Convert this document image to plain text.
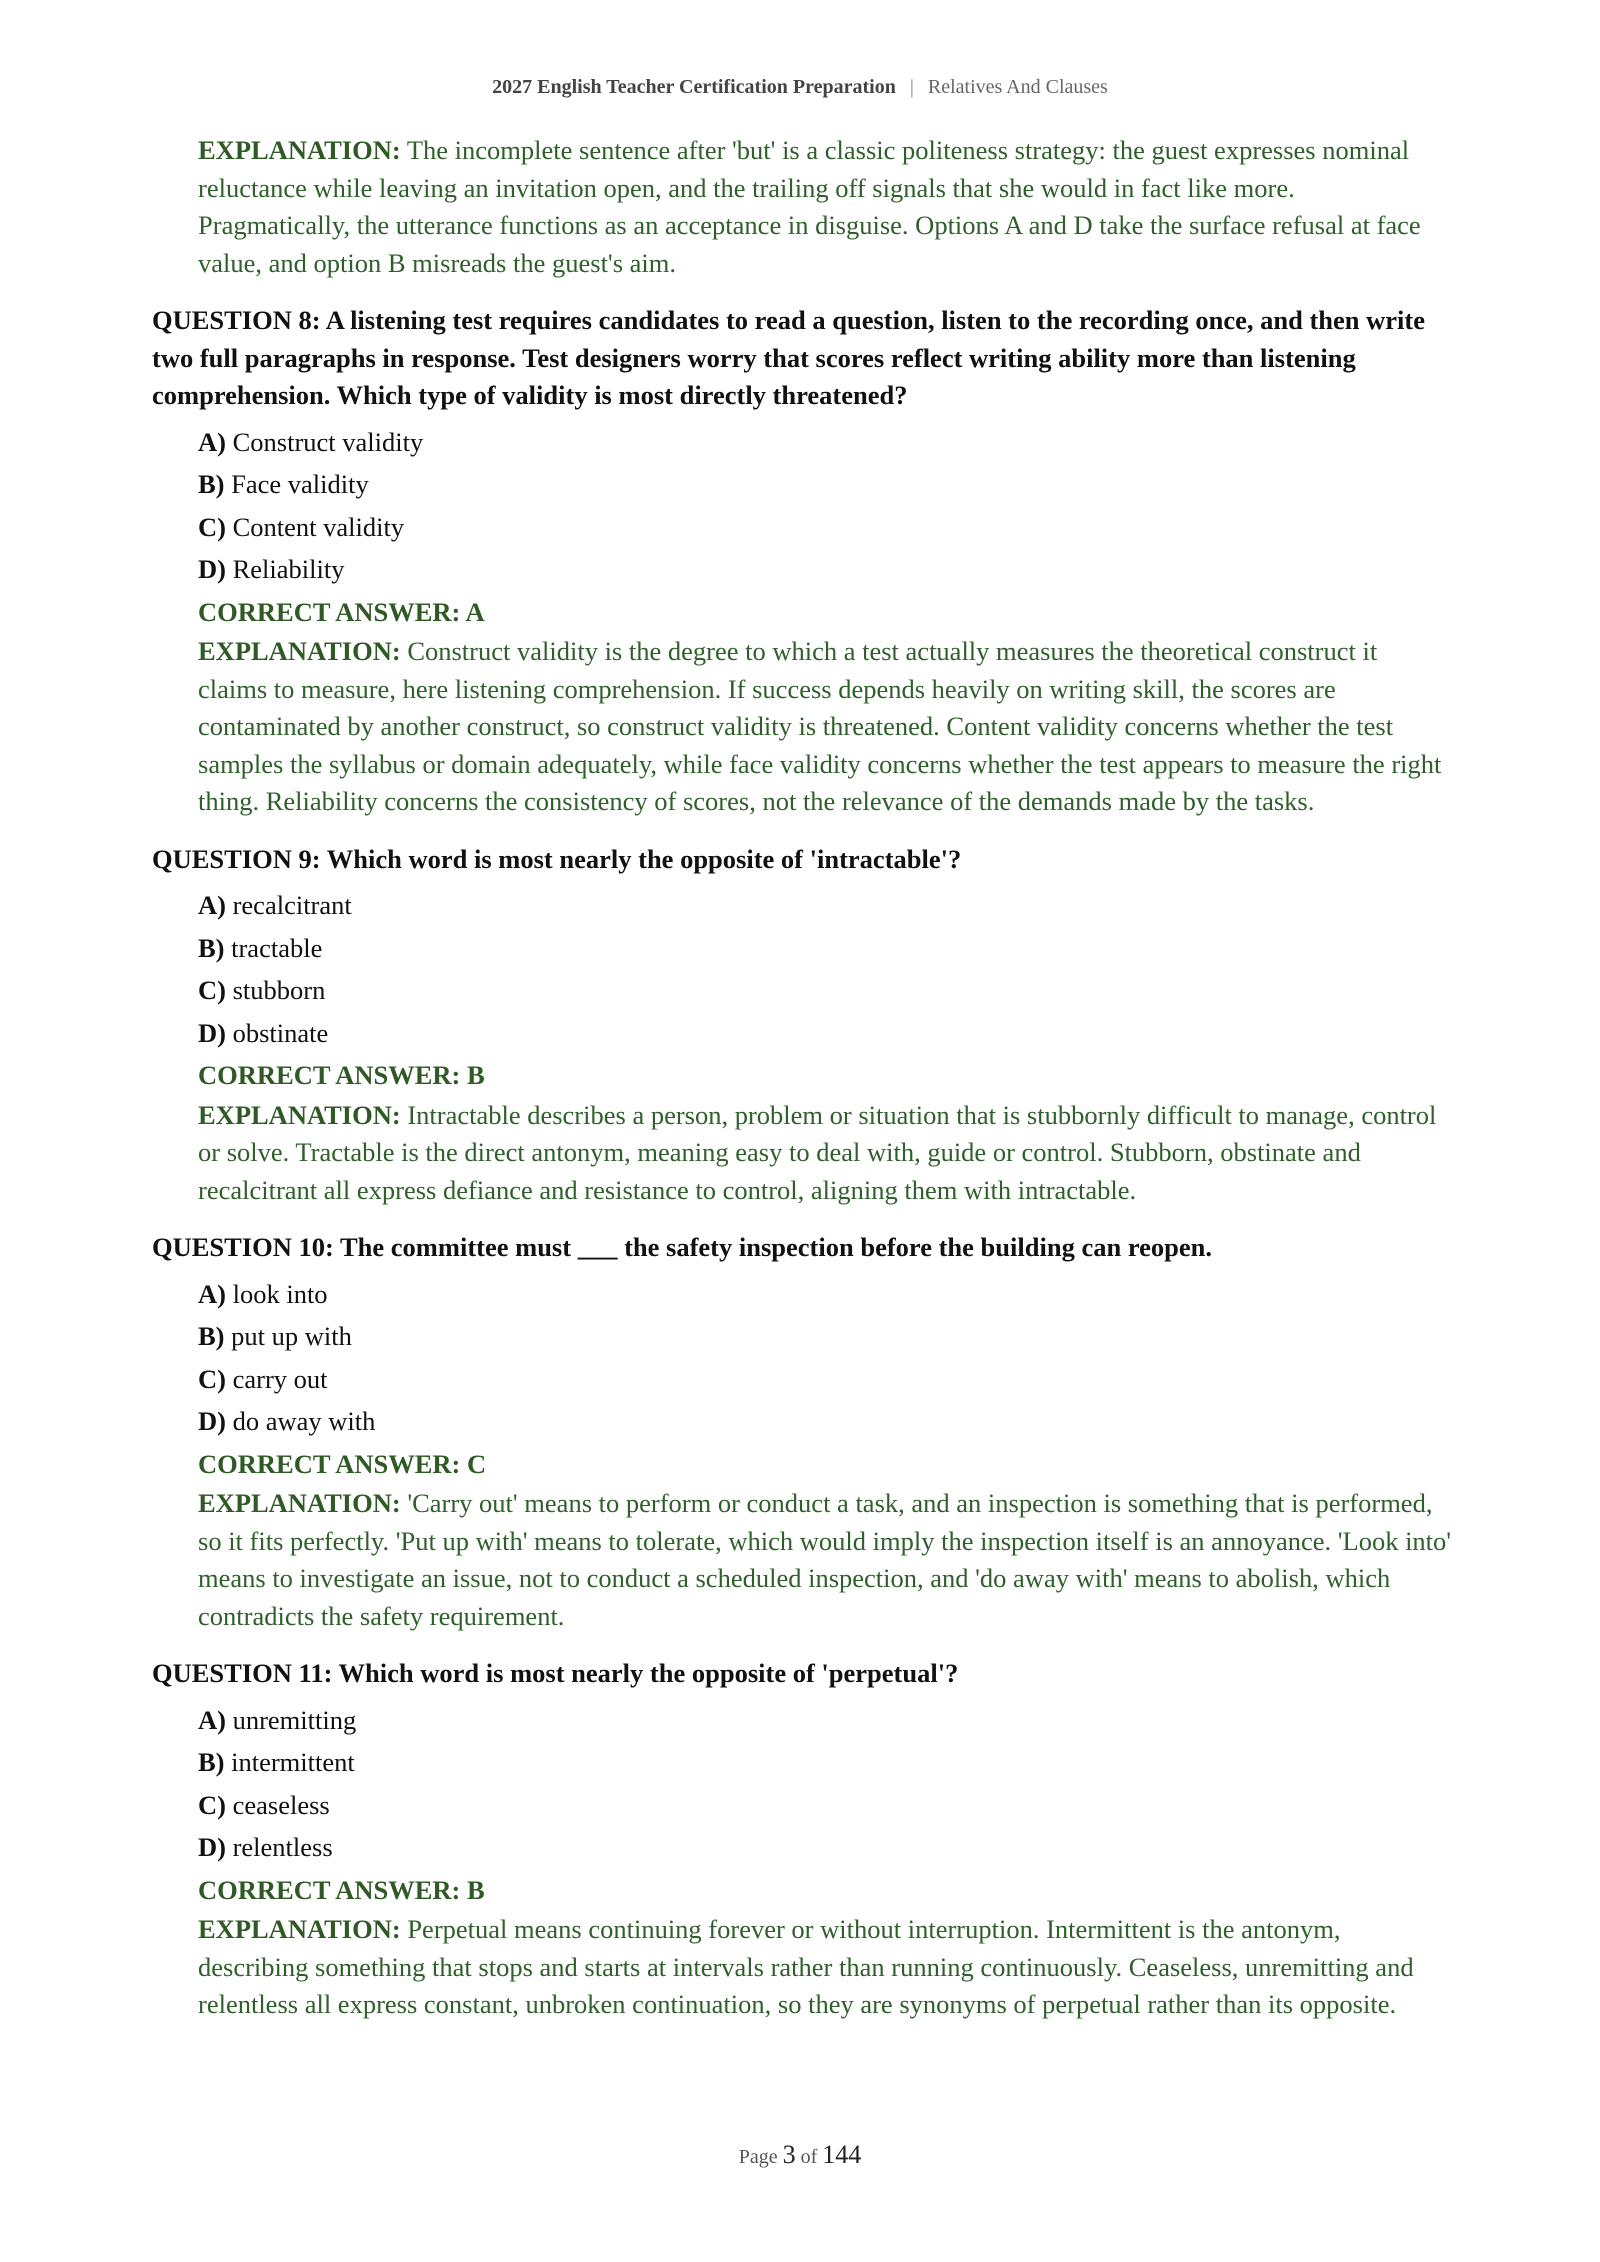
2027 English Teacher Certification Preparation | Relatives And Clauses
EXPLANATION: The incomplete sentence after 'but' is a classic politeness strategy: the guest expresses nominal reluctance while leaving an invitation open, and the trailing off signals that she would in fact like more. Pragmatically, the utterance functions as an acceptance in disguise. Options A and D take the surface refusal at face value, and option B misreads the guest's aim.
QUESTION 8: A listening test requires candidates to read a question, listen to the recording once, and then write two full paragraphs in response. Test designers worry that scores reflect writing ability more than listening comprehension. Which type of validity is most directly threatened?
A) Construct validity
B) Face validity
C) Content validity
D) Reliability
CORRECT ANSWER: A
EXPLANATION: Construct validity is the degree to which a test actually measures the theoretical construct it claims to measure, here listening comprehension. If success depends heavily on writing skill, the scores are contaminated by another construct, so construct validity is threatened. Content validity concerns whether the test samples the syllabus or domain adequately, while face validity concerns whether the test appears to measure the right thing. Reliability concerns the consistency of scores, not the relevance of the demands made by the tasks.
QUESTION 9: Which word is most nearly the opposite of 'intractable'?
A) recalcitrant
B) tractable
C) stubborn
D) obstinate
CORRECT ANSWER: B
EXPLANATION: Intractable describes a person, problem or situation that is stubbornly difficult to manage, control or solve. Tractable is the direct antonym, meaning easy to deal with, guide or control. Stubborn, obstinate and recalcitrant all express defiance and resistance to control, aligning them with intractable.
QUESTION 10: The committee must ___ the safety inspection before the building can reopen.
A) look into
B) put up with
C) carry out
D) do away with
CORRECT ANSWER: C
EXPLANATION: 'Carry out' means to perform or conduct a task, and an inspection is something that is performed, so it fits perfectly. 'Put up with' means to tolerate, which would imply the inspection itself is an annoyance. 'Look into' means to investigate an issue, not to conduct a scheduled inspection, and 'do away with' means to abolish, which contradicts the safety requirement.
QUESTION 11: Which word is most nearly the opposite of 'perpetual'?
A) unremitting
B) intermittent
C) ceaseless
D) relentless
CORRECT ANSWER: B
EXPLANATION: Perpetual means continuing forever or without interruption. Intermittent is the antonym, describing something that stops and starts at intervals rather than running continuously. Ceaseless, unremitting and relentless all express constant, unbroken continuation, so they are synonyms of perpetual rather than its opposite.
Page 3 of 144
